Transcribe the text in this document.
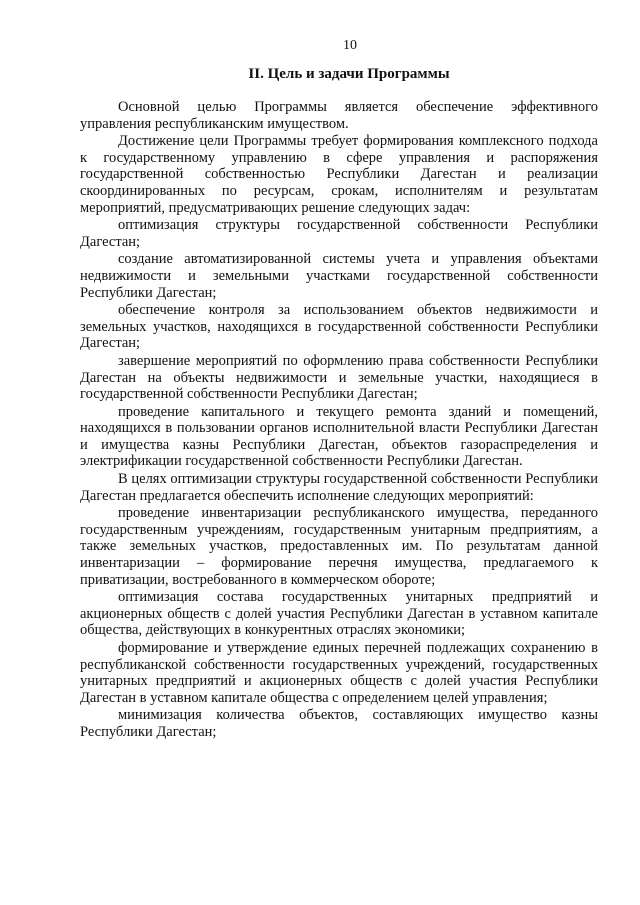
10
II. Цель и задачи Программы

Основной целью Программы является обеспечение эффективного управления республиканским имуществом.

Достижение цели Программы требует формирования комплексного подхода к государственному управлению в сфере управления и распоряжения государственной собственностью Республики Дагестан и реализации скоординированных по ресурсам, срокам, исполнителям и результатам мероприятий, предусматривающих решение следующих задач:

оптимизация структуры государственной собственности Республики Дагестан;

создание автоматизированной системы учета и управления объектами недвижимости и земельными участками государственной собственности Республики Дагестан;

обеспечение контроля за использованием объектов недвижимости и земельных участков, находящихся в государственной собственности Республики Дагестан;

завершение мероприятий по оформлению права собственности Республики Дагестан на объекты недвижимости и земельные участки, находящиеся в государственной собственности Республики Дагестан;

проведение капитального и текущего ремонта зданий и помещений, находящихся в пользовании органов исполнительной власти Республики Дагестан и имущества казны Республики Дагестан, объектов газораспределения и электрификации государственной собственности Республики Дагестан.

В целях оптимизации структуры государственной собственности Республики Дагестан предлагается обеспечить исполнение следующих мероприятий:

проведение инвентаризации республиканского имущества, переданного государственным учреждениям, государственным унитарным предприятиям, а также земельных участков, предоставленных им. По результатам данной инвентаризации – формирование перечня имущества, предлагаемого к приватизации, востребованного в коммерческом обороте;

оптимизация состава государственных унитарных предприятий и акционерных обществ с долей участия Республики Дагестан в уставном капитале общества, действующих в конкурентных отраслях экономики;

формирование и утверждение единых перечней подлежащих сохранению в республиканской собственности государственных учреждений, государственных унитарных предприятий и акционерных обществ с долей участия Республики Дагестан в уставном капитале общества с определением целей управления;

минимизация количества объектов, составляющих имущество казны Республики Дагестан;
